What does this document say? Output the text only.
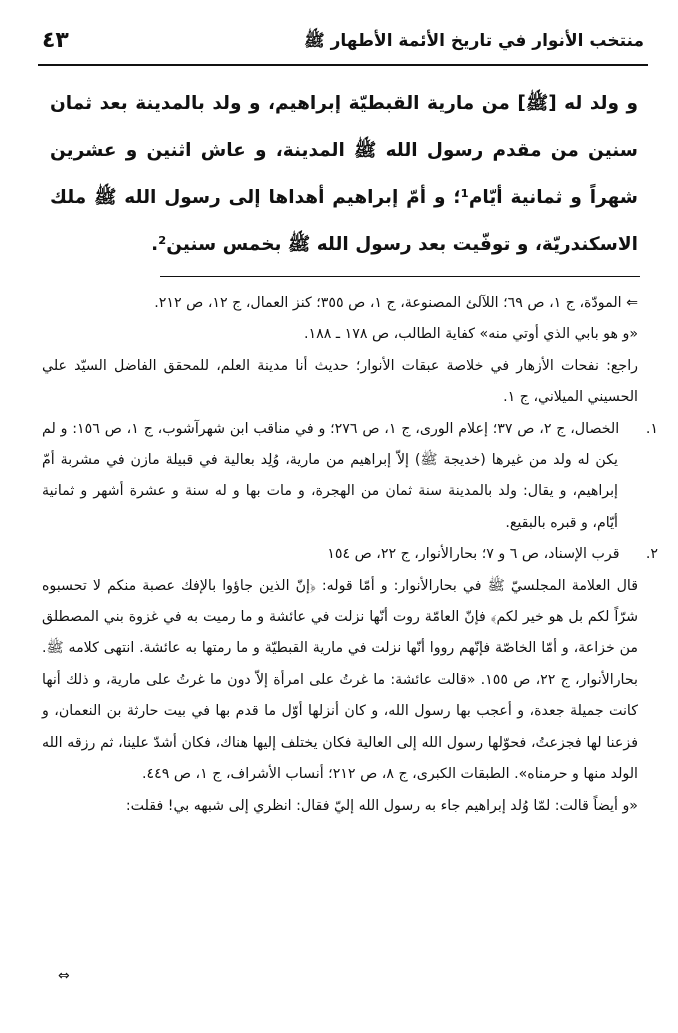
منتخب الأنوار في تاريخ الأئمة الأطهار ﷺ
٤٣

و ولد له [ﷺ] من مارية القبطيّة إبراهيم، و ولد بالمدينة بعد ثمان سنين من مقدم رسول الله ﷺ المدينة، و عاش اثنين و عشرين شهراً و ثمانية أيّام¹؛ و أمّ إبراهيم أهداها إلى رسول الله ﷺ ملك الاسكندريّة، و توفّيت بعد رسول الله ﷺ بخمس سنين².

⇐ المودّة، ج ١، ص ٦٩؛ اللآلئ المصنوعة، ج ١، ص ٣٥٥؛ كنز العمال، ج ١٢، ص ٢١٢.

«و هو بابي الذي أوتي منه» كفاية الطالب، ص ١٧٨ ـ ١٨٨.

راجع: نفحات الأزهار في خلاصة عبقات الأنوار؛ حديث أنا مدينة العلم، للمحقق الفاضل السيّد علي الحسيني الميلاني، ج ١.

١. الخصال، ج ٢، ص ٣٧؛ إعلام الورى، ج ١، ص ٢٧٦؛ و في مناقب ابن شهرآشوب، ج ١، ص ١٥٦: و لم يكن له ولد من غيرها (خديجة ﷺ) إلاّ إبراهيم من مارية، وُلِد بعالية في قبيلة مازن في مشربة أمّ إبراهيم، و يقال: ولد بالمدينة سنة ثمان من الهجرة، و مات بها و له سنة و عشرة أشهر و ثمانية أيّام، و قبره بالبقيع.

٢. قرب الإسناد، ص ٦ و ٧؛ بحارالأنوار، ج ٢٢، ص ١٥٤

قال العلامة المجلسيّ ﷺ في بحارالأنوار: و أمّا قوله: ﴿إنّ الذين جاؤوا بالإفك عصبة منكم لا تحسبوه شرّاً لكم بل هو خير لكم﴾ فإنّ العامّة روت أنّها نزلت في عائشة و ما رميت به في غزوة بني المصطلق من خزاعة، و أمّا الخاصّة فإنّهم رووا أنّها نزلت في مارية القبطيّة و ما رمتها به عائشة. انتهى كلامه ﷺ. بحارالأنوار، ج ٢٢، ص ١٥٥. «قالت عائشة: ما غرتُ على امرأة إلاّ دون ما غرتُ على مارية، و ذلك أنها كانت جميلة جعدة، و أعجب بها رسول الله، و كان أنزلها أوّل ما قدم بها في بيت حارثة بن النعمان، و فزعنا لها فجزعتُ، فحوّلها رسول الله إلى العالية فكان يختلف إليها هناك، فكان أشدّ علينا، ثم رزقه الله الولد منها و حرمناه». الطبقات الكبرى، ج ٨، ص ٢١٢؛ أنساب الأشراف، ج ١، ص ٤٤٩.

«و أيضاً قالت: لمّا وُلد إبراهيم جاء به رسول الله إليّ فقال: انظري إلى شبهه بي! فقلت:

⇔
